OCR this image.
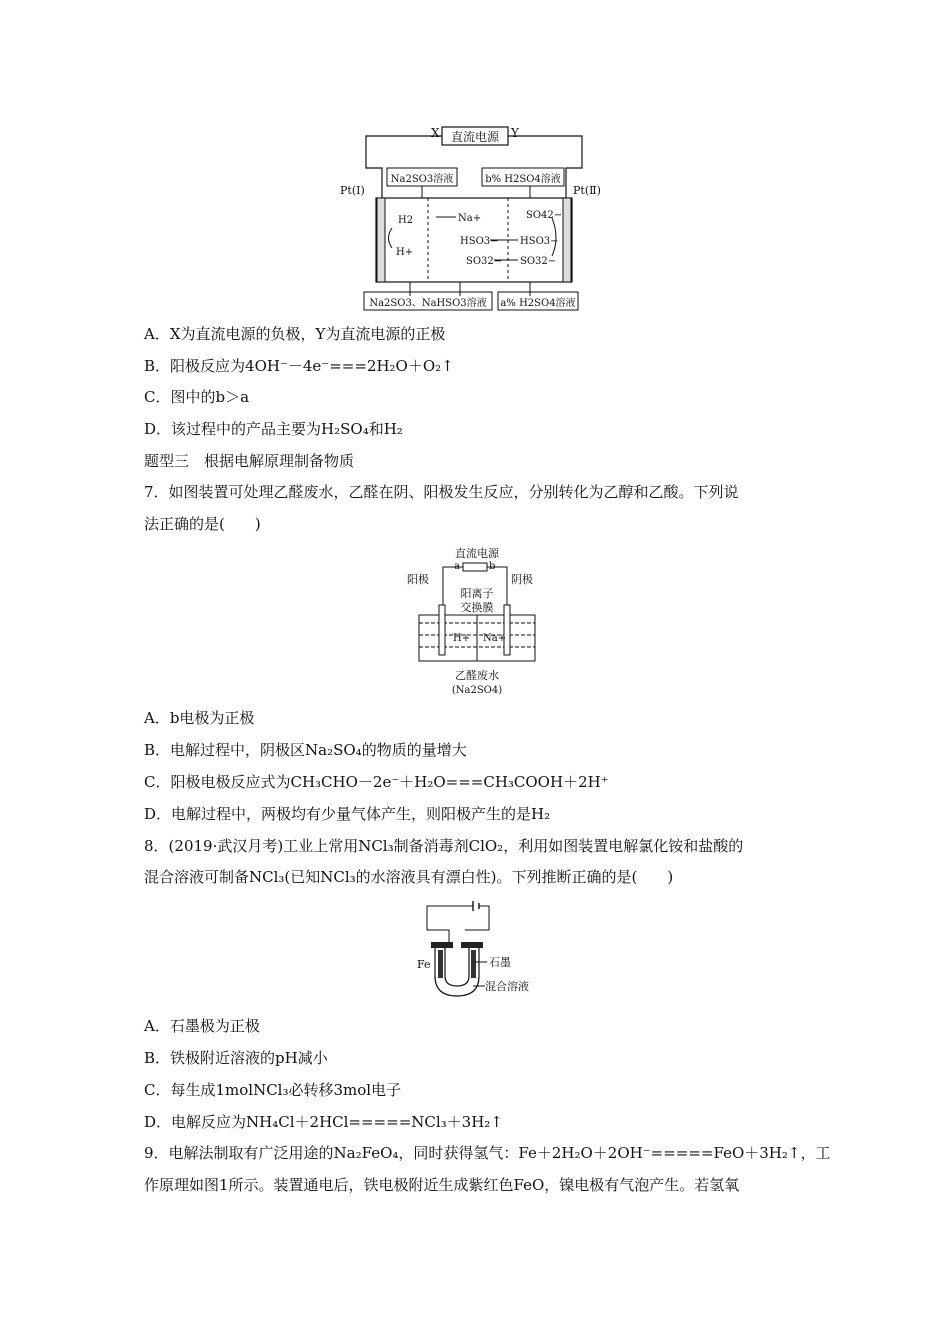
X 直流电源 Y
Na2SO3溶液	b% H2SO4溶液
Pt(Ⅰ)	Pt(Ⅱ)
H2
H+
Na+
HSO3− HSO3−
SO32− SO32−
SO42−
Na2SO3、NaHSO3溶液 a% H2SO4溶液
A．X为直流电源的负极，Y为直流电源的正极
B．阳极反应为4OH⁻－4e⁻===2H₂O＋O₂↑
C．图中的b＞a
D．该过程中的产品主要为H₂SO₄和H₂
题型三　根据电解原理制备物质
7．如图装置可处理乙醛废水，乙醛在阴、阳极发生反应，分别转化为乙醇和乙酸。下列说
法正确的是(　　)
直流电源
a	b
阳极	阴极
阳离子
交换膜
H+ Na+
乙醛废水
(Na2SO4)
A．b电极为正极
B．电解过程中，阴极区Na₂SO₄的物质的量增大
C．阳极电极反应式为CH₃CHO－2e⁻＋H₂O===CH₃COOH＋2H⁺
D．电解过程中，两极均有少量气体产生，则阳极产生的是H₂
8．(2019·武汉月考)工业上常用NCl₃制备消毒剂ClO₂，利用如图装置电解氯化铵和盐酸的
混合溶液可制备NCl₃(已知NCl₃的水溶液具有漂白性)。下列推断正确的是(　　)
Fe	石墨
混合溶液
A．石墨极为正极
B．铁极附近溶液的pH减小
C．每生成1molNCl₃必转移3mol电子
D．电解反应为NH₄Cl＋2HCl=====NCl₃＋3H₂↑
9．电解法制取有广泛用途的Na₂FeO₄，同时获得氢气：Fe＋2H₂O＋2OH⁻=====FeO＋3H₂↑，工
作原理如图1所示。装置通电后，铁电极附近生成紫红色FeO，镍电极有气泡产生。若氢氧
